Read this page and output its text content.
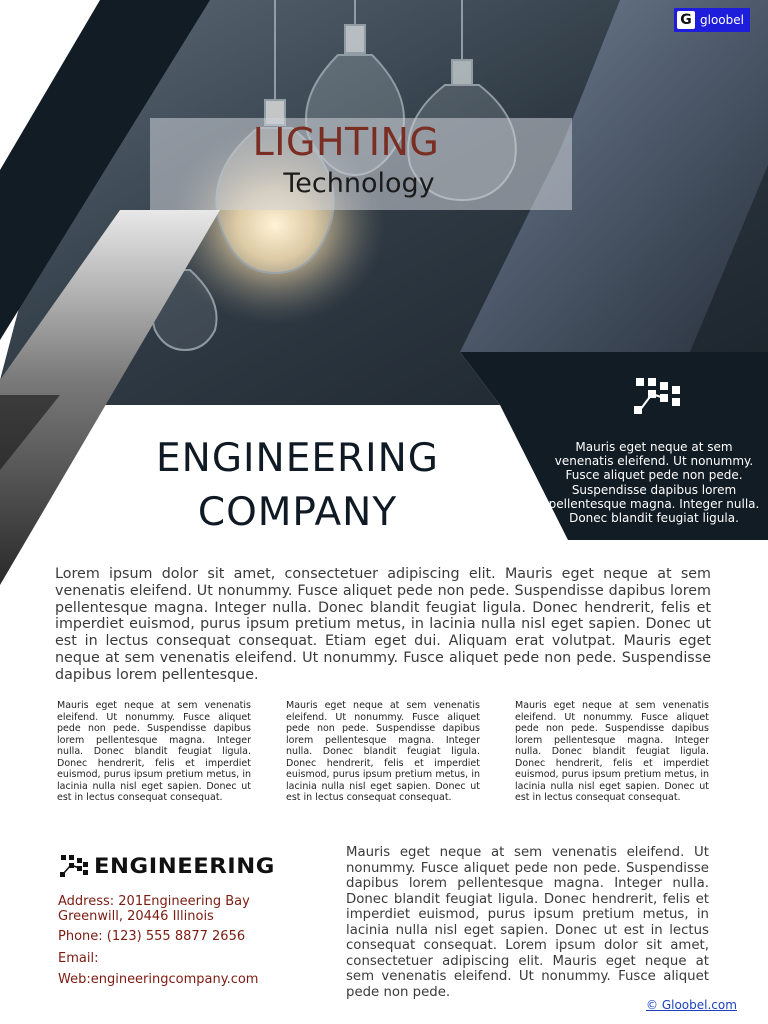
G gloobel
LIGHTING
Technology
ENGINEERING
COMPANY
Mauris eget neque at sem venenatis eleifend. Ut nonummy. Fusce aliquet pede non pede. Suspendisse dapibus lorem pellentesque magna. Integer nulla. Donec blandit feugiat ligula.
Lorem ipsum dolor sit amet, consectetuer adipiscing elit. Mauris eget neque at sem venenatis eleifend. Ut nonummy. Fusce aliquet pede non pede. Suspendisse dapibus lorem pellentesque magna. Integer nulla. Donec blandit feugiat ligula. Donec hendrerit, felis et imperdiet euismod, purus ipsum pretium metus, in lacinia nulla nisl eget sapien. Donec ut est in lectus consequat consequat. Etiam eget dui. Aliquam erat volutpat. Mauris eget neque at sem venenatis eleifend. Ut nonummy. Fusce aliquet pede non pede. Suspendisse dapibus lorem pellentesque.
Mauris eget neque at sem venenatis eleifend. Ut nonummy. Fusce aliquet pede non pede. Suspendisse dapibus lorem pellentesque magna. Integer nulla. Donec blandit feugiat ligula. Donec hendrerit, felis et imperdiet euismod, purus ipsum pretium metus, in lacinia nulla nisl eget sapien. Donec ut est in lectus consequat consequat.
Mauris eget neque at sem venenatis eleifend. Ut nonummy. Fusce aliquet pede non pede. Suspendisse dapibus lorem pellentesque magna. Integer nulla. Donec blandit feugiat ligula. Donec hendrerit, felis et imperdiet euismod, purus ipsum pretium metus, in lacinia nulla nisl eget sapien. Donec ut est in lectus consequat consequat.
Mauris eget neque at sem venenatis eleifend. Ut nonummy. Fusce aliquet pede non pede. Suspendisse dapibus lorem pellentesque magna. Integer nulla. Donec blandit feugiat ligula. Donec hendrerit, felis et imperdiet euismod, purus ipsum pretium metus, in lacinia nulla nisl eget sapien. Donec ut est in lectus consequat consequat.
ENGINEERING
Address: 201Engineering Bay
Greenwill, 20446 Illinois
Phone: (123) 555 8877 2656
Email:
Web:engineeringcompany.com
Mauris eget neque at sem venenatis eleifend. Ut nonummy. Fusce aliquet pede non pede. Suspendisse dapibus lorem pellentesque magna. Integer nulla. Donec blandit feugiat ligula. Donec hendrerit, felis et imperdiet euismod, purus ipsum pretium metus, in lacinia nulla nisl eget sapien. Donec ut est in lectus consequat consequat. Lorem ipsum dolor sit amet, consectetuer adipiscing elit. Mauris eget neque at sem venenatis eleifend. Ut nonummy. Fusce aliquet pede non pede.
© Gloobel.com
